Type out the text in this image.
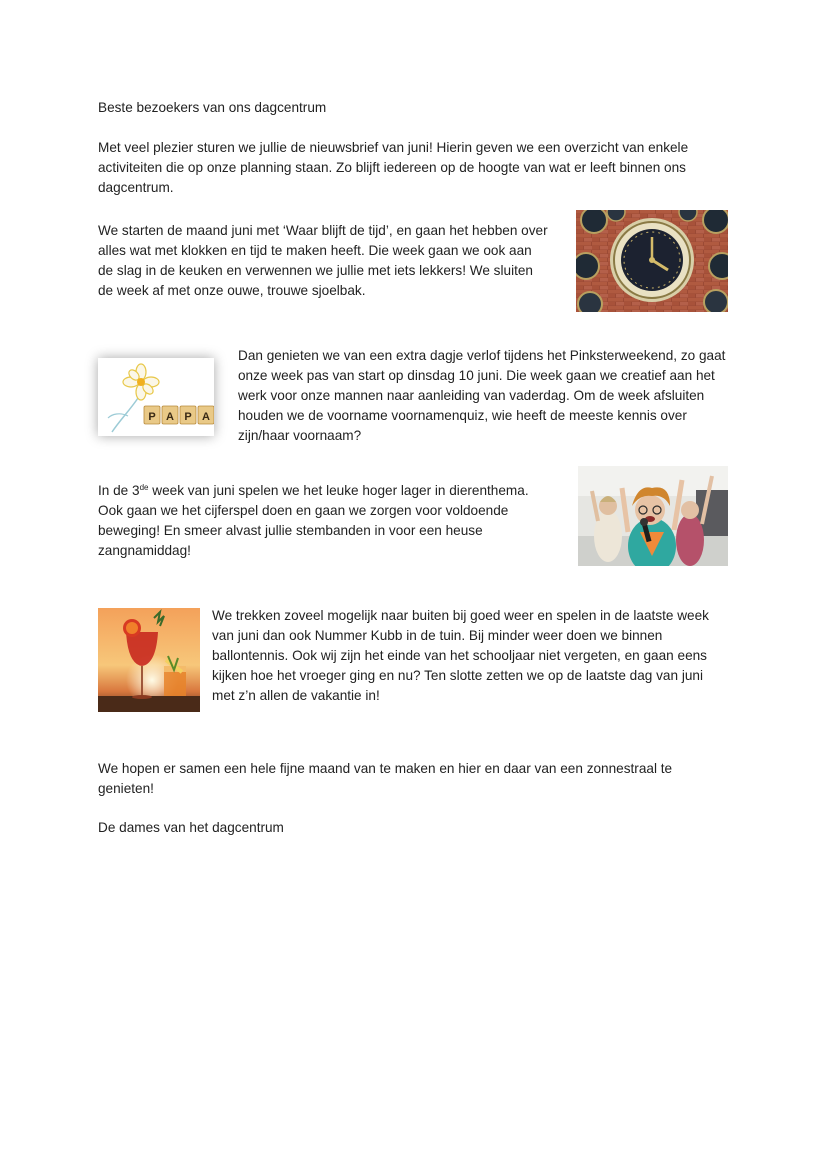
Beste bezoekers van ons dagcentrum

Met veel plezier sturen we jullie de nieuwsbrief van juni! Hierin geven we een overzicht van enkele activiteiten die op onze planning staan. Zo blijft iedereen op de hoogte van wat er leeft binnen ons dagcentrum.

We starten de maand juni met ‘Waar blijft de tijd’, en gaan het hebben over alles wat met klokken en tijd te maken heeft. Die week gaan we ook aan de slag in de keuken en verwennen we jullie met iets lekkers! We sluiten de week af met onze ouwe, trouwe sjoelbak.

P A P A

Dan genieten we van een extra dagje verlof tijdens het Pinksterweekend, zo gaat onze week pas van start op dinsdag 10 juni. Die week gaan we creatief aan het werk voor onze mannen naar aanleiding van vaderdag. Om de week afsluiten houden we de voorname voornamenquiz, wie heeft de meeste kennis over zijn/haar voornaam?

In de 3de week van juni spelen we het leuke hoger lager in dierenthema. Ook gaan we het cijferspel doen en gaan we zorgen voor voldoende beweging! En smeer alvast jullie stembanden in voor een heuse zangnamiddag!

We trekken zoveel mogelijk naar buiten bij goed weer en spelen in de laatste week van juni dan ook Nummer Kubb in de tuin. Bij minder weer doen we binnen ballontennis. Ook wij zijn het einde van het schooljaar niet vergeten, en gaan eens kijken hoe het vroeger ging en nu? Ten slotte zetten we op de laatste dag van juni met z’n allen de vakantie in!

We hopen er samen een hele fijne maand van te maken en hier en daar van een zonnestraal te genieten!

De dames van het dagcentrum
